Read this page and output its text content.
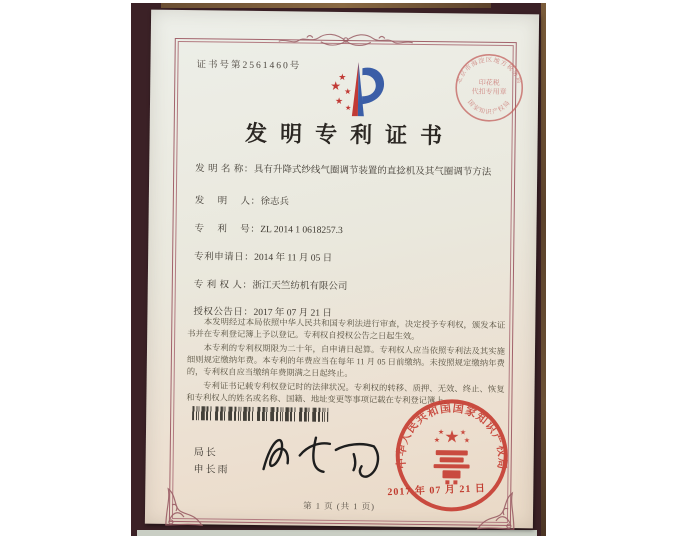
证书号第2561460号
★
★
★
★
★
北京市海淀区地方税务局
印花税
代扣专用章
国家知识产权局
发明专利证书
发 明 名 称：具有升降式纱线气圈调节装置的直捻机及其气圈调节方法
发　 明　 人：徐志兵
专　 利　 号：ZL 2014 1 0618257.3
专利申请日：2014 年 11 月 05 日
专 利 权 人：浙江天竺纺机有限公司
授权公告日：2017 年 07 月 21 日

本发明经过本局依照中华人民共和国专利法进行审查，决定授予专利权，颁发本证书并在专利登记簿上予以登记。专利权自授权公告之日起生效。

本专利的专利权期限为二十年，自申请日起算。专利权人应当依照专利法及其实施细则规定缴纳年费。本专利的年费应当在每年 11 月 05 日前缴纳。未按照规定缴纳年费的，专利权自应当缴纳年费期满之日起终止。

专利证书记载专利权登记时的法律状况。专利权的转移、质押、无效、终止、恢复和专利权人的姓名或名称、国籍、地址变更等事项记载在专利登记簿上。

局长
申长雨
中华人民共和国国家知识产权局
★
★	★
★ ★
2017 年 07 月 21 日
第 1 页 (共 1 页)
